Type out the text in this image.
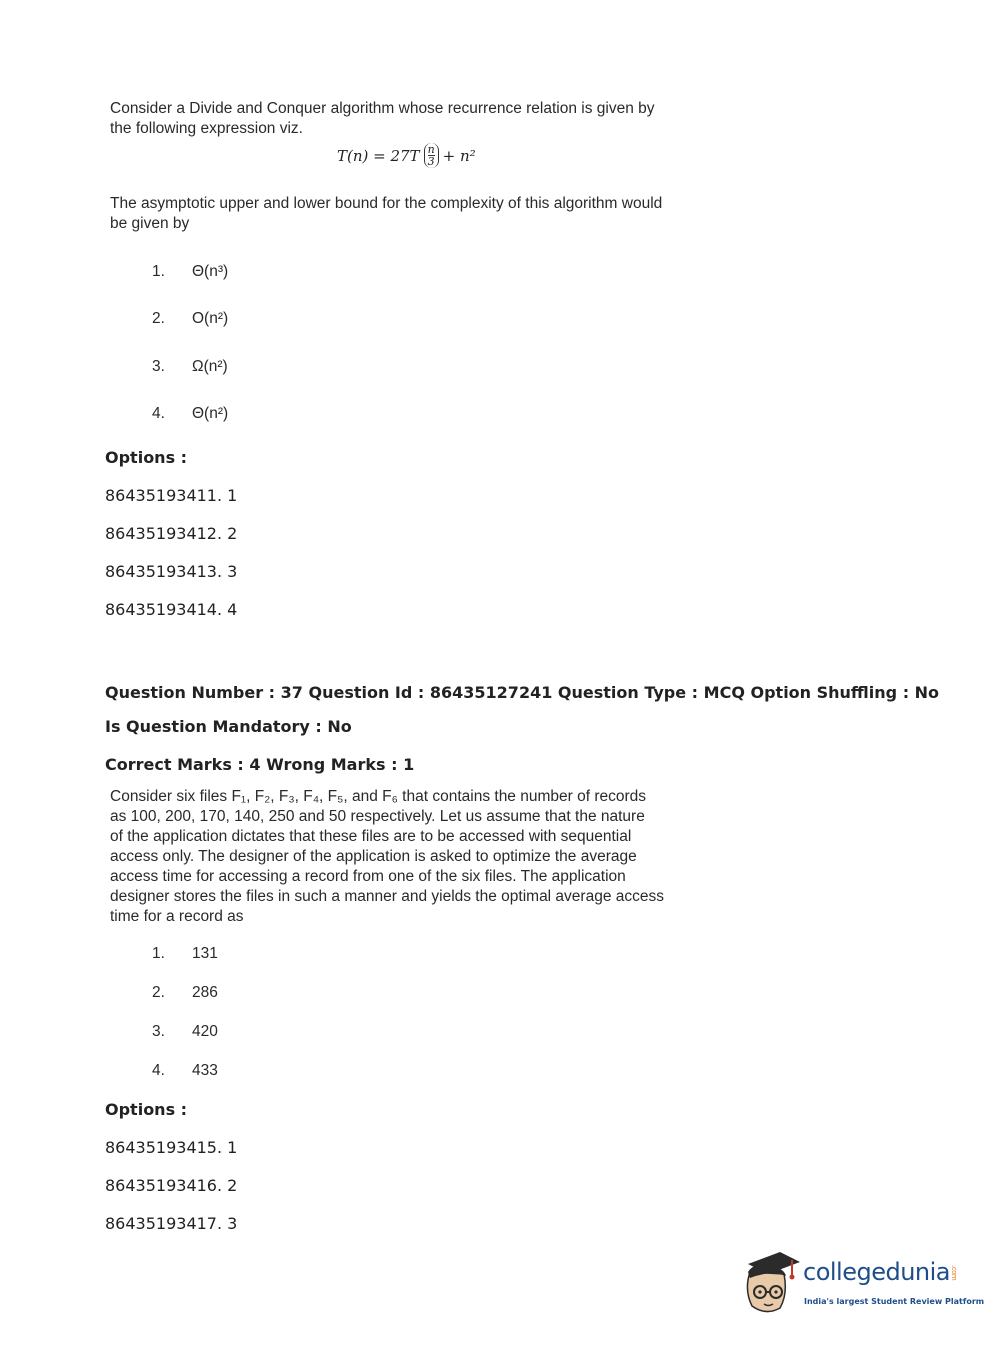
Consider a Divide and Conquer algorithm whose recurrence relation is given by

the following expression viz.

$T(n) = 27T \frac{n}{3} + n^2$

The asymptotic upper and lower bound for the complexity of this algorithm would

be given by

1. Θ(n³)
2. O(n²)
3. Ω(n²)
4. Θ(n²)
Options :
86435193411. 1
86435193412. 2
86435193413. 3
86435193414. 4
Question Number : 37 Question Id : 86435127241 Question Type : MCQ Option Shuffling : No
Is Question Mandatory : No
Correct Marks : 4 Wrong Marks : 1

Consider six files F₁, F₂, F₃, F₄, F₅, and F₆ that contains the number of records

as 100, 200, 170, 140, 250 and 50 respectively. Let us assume that the nature

of the application dictates that these files are to be accessed with sequential

access only. The designer of the application is asked to optimize the average

access time for accessing a record from one of the six files. The application

designer stores the files in such a manner and yields the optimal average access

time for a record as

1. 131
2. 286
3. 420
4. 433
Options :
86435193415. 1
86435193416. 2
86435193417. 3
collegedunia.com
India's largest Student Review Platform
